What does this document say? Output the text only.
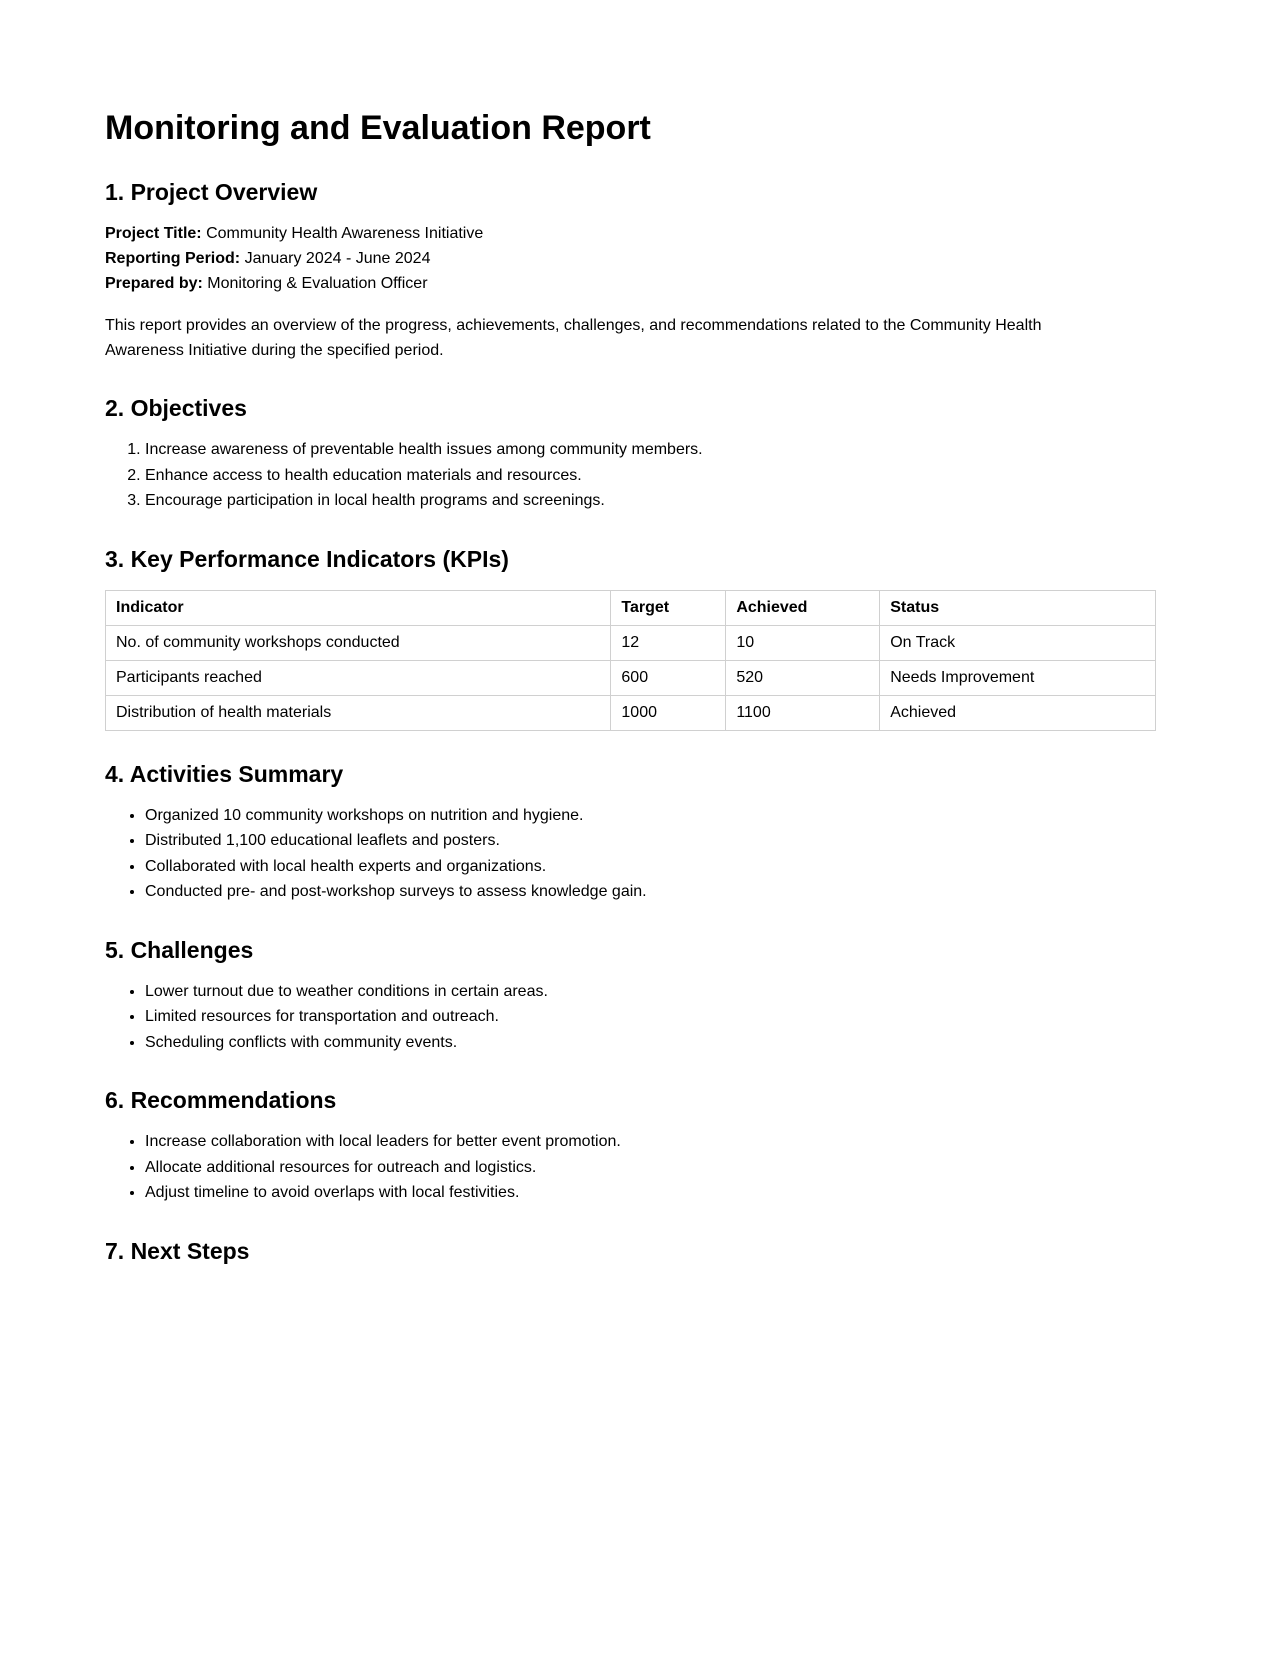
Monitoring and Evaluation Report
1. Project Overview
Project Title: Community Health Awareness Initiative
Reporting Period: January 2024 - June 2024
Prepared by: Monitoring & Evaluation Officer

This report provides an overview of the progress, achievements, challenges, and recommendations related to the Community Health Awareness Initiative during the specified period.

2. Objectives
1. Increase awareness of preventable health issues among community members.
2. Enhance access to health education materials and resources.
3. Encourage participation in local health programs and screenings.
3. Key Performance Indicators (KPIs)
Indicator	Target	Achieved	Status
No. of community workshops conducted	12	10	On Track
Participants reached	600	520	Needs Improvement
Distribution of health materials	1000	1100	Achieved
4. Activities Summary
• Organized 10 community workshops on nutrition and hygiene.
• Distributed 1,100 educational leaflets and posters.
• Collaborated with local health experts and organizations.
• Conducted pre- and post-workshop surveys to assess knowledge gain.
5. Challenges
• Lower turnout due to weather conditions in certain areas.
• Limited resources for transportation and outreach.
• Scheduling conflicts with community events.
6. Recommendations
• Increase collaboration with local leaders for better event promotion.
• Allocate additional resources for outreach and logistics.
• Adjust timeline to avoid overlaps with local festivities.
7. Next Steps
